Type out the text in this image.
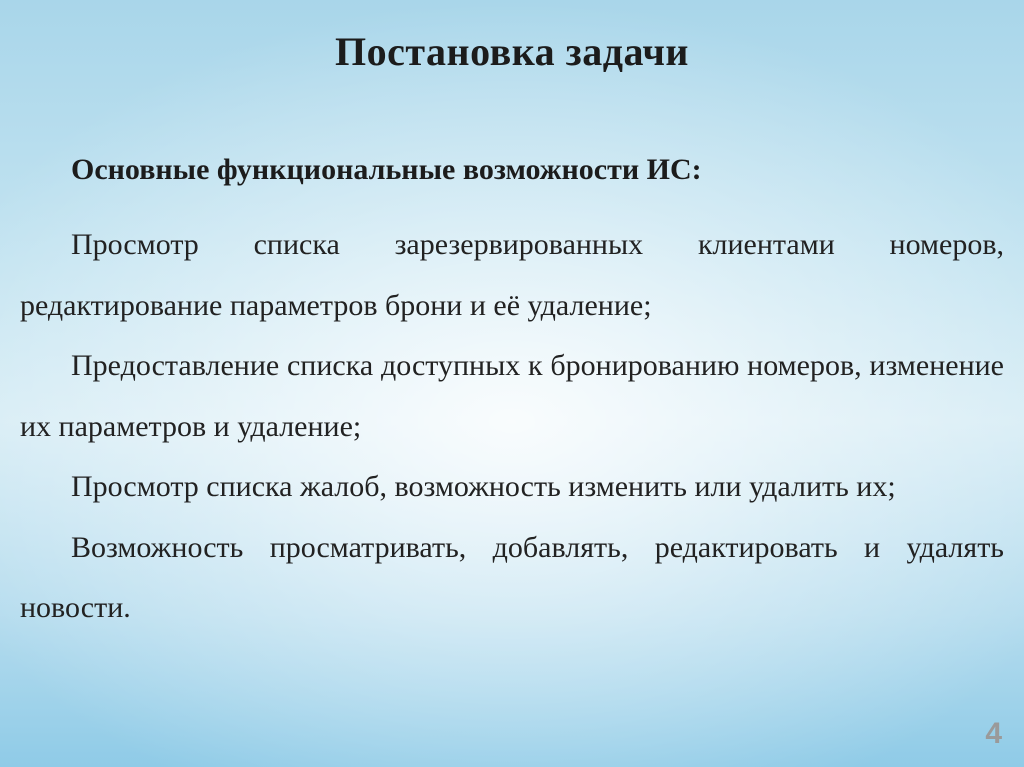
Постановка задачи
Основные функциональные возможности ИС:
Просмотр списка зарезервированных клиентами номеров, редактирование параметров брони и её удаление;
Предоставление списка доступных к бронированию номеров, изменение их параметров и удаление;
Просмотр списка жалоб, возможность изменить или удалить их;
Возможность просматривать, добавлять, редактировать и удалять новости.
4
